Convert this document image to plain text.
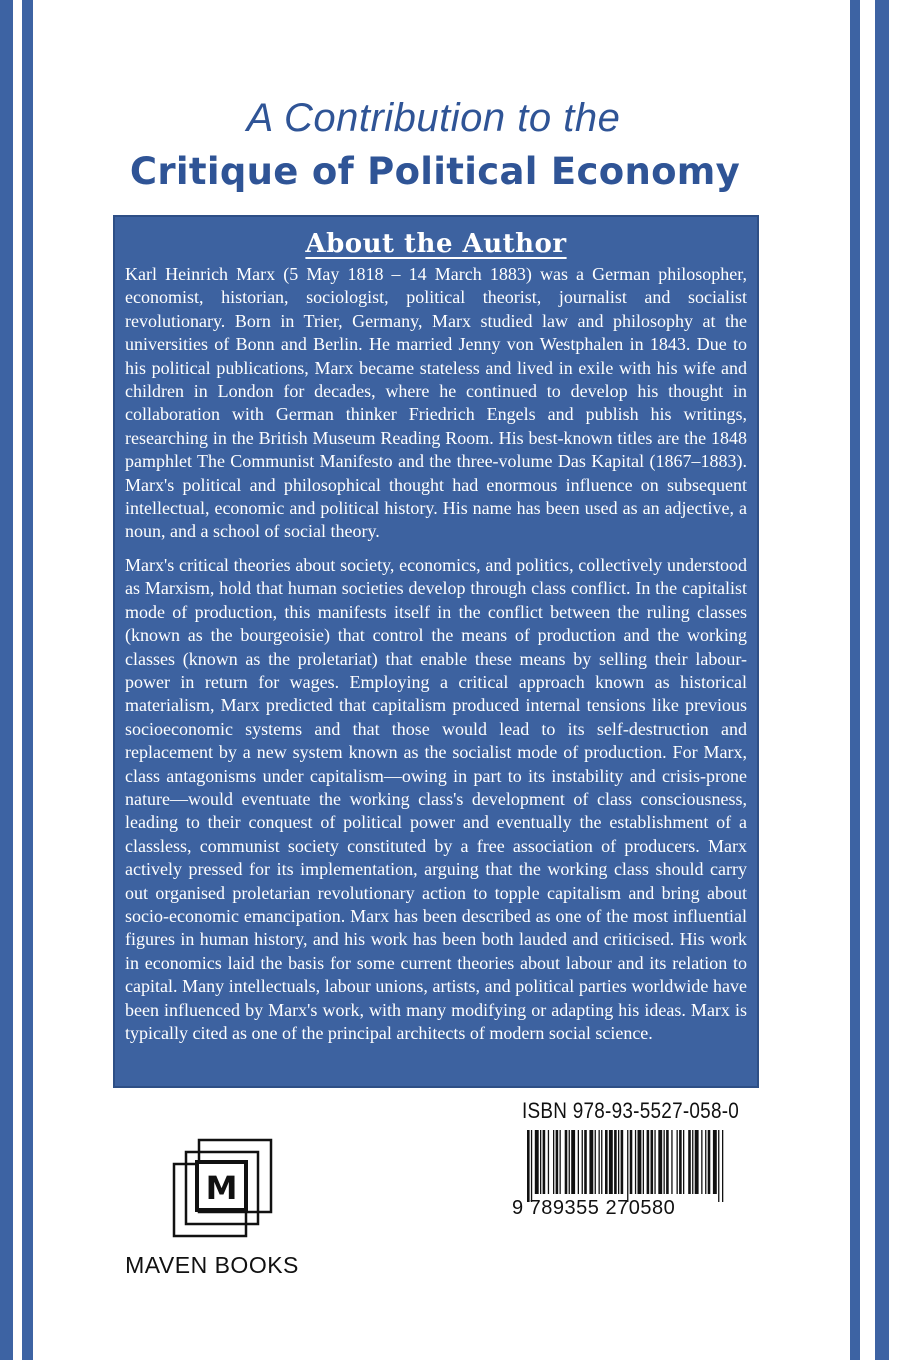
A Contribution to the
Critique of Political Economy
About the Author

Karl Heinrich Marx (5 May 1818 – 14 March 1883) was a German philosopher, economist, historian, sociologist, political theorist, journalist and socialist revolutionary. Born in Trier, Germany, Marx studied law and philosophy at the universities of Bonn and Berlin. He married Jenny von Westphalen in 1843. Due to his political publications, Marx became stateless and lived in exile with his wife and children in London for decades, where he continued to develop his thought in collaboration with German thinker Friedrich Engels and publish his writings, researching in the British Museum Reading Room. His best-known titles are the 1848 pamphlet The Communist Manifesto and the three-volume Das Kapital (1867–1883). Marx's political and philosophical thought had enormous influence on subsequent intellectual, economic and political history. His name has been used as an adjective, a noun, and a school of social theory.

Marx's critical theories about society, economics, and politics, collectively understood as Marxism, hold that human societies develop through class conflict. In the capitalist mode of production, this manifests itself in the conflict between the ruling classes (known as the bourgeoisie) that control the means of production and the working classes (known as the proletariat) that enable these means by selling their labour-power in return for wages. Employing a critical approach known as historical materialism, Marx predicted that capitalism produced internal tensions like previous socioeconomic systems and that those would lead to its self-destruction and replacement by a new system known as the socialist mode of production. For Marx, class antagonisms under capitalism—owing in part to its instability and crisis-prone nature—would eventuate the working class's development of class consciousness, leading to their conquest of political power and eventually the establishment of a classless, communist society constituted by a free association of producers. Marx actively pressed for its implementation, arguing that the working class should carry out organised proletarian revolutionary action to topple capitalism and bring about socio-economic emancipation. Marx has been described as one of the most influential figures in human history, and his work has been both lauded and criticised. His work in economics laid the basis for some current theories about labour and its relation to capital. Many intellectuals, labour unions, artists, and political parties worldwide have been influenced by Marx's work, with many modifying or adapting his ideas. Marx is typically cited as one of the principal architects of modern social science.

M
MAVEN BOOKS
ISBN 978-93-5527-058-0
9 789355 270580
